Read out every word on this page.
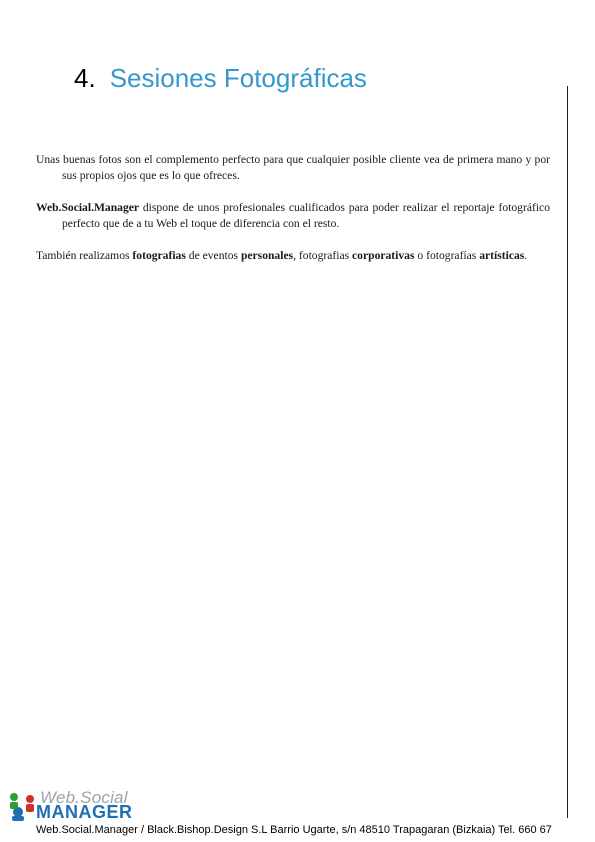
4. Sesiones Fotográficas

Unas buenas fotos son el complemento perfecto para que cualquier posible cliente vea de primera mano y por sus propios ojos que es lo que ofreces.

Web.Social.Manager dispone de unos profesionales cualificados para poder realizar el reportaje fotográfico perfecto que de a tu Web el toque de diferencia con el resto.

También realizamos fotografias de eventos personales, fotografias corporativas o fotografías artísticas.

Web.Social
MANAGER
Web.Social.Manager / Black.Bishop.Design S.L Barrio Ugarte, s/n 48510 Trapagaran (Bizkaia) Tel. 660 67
